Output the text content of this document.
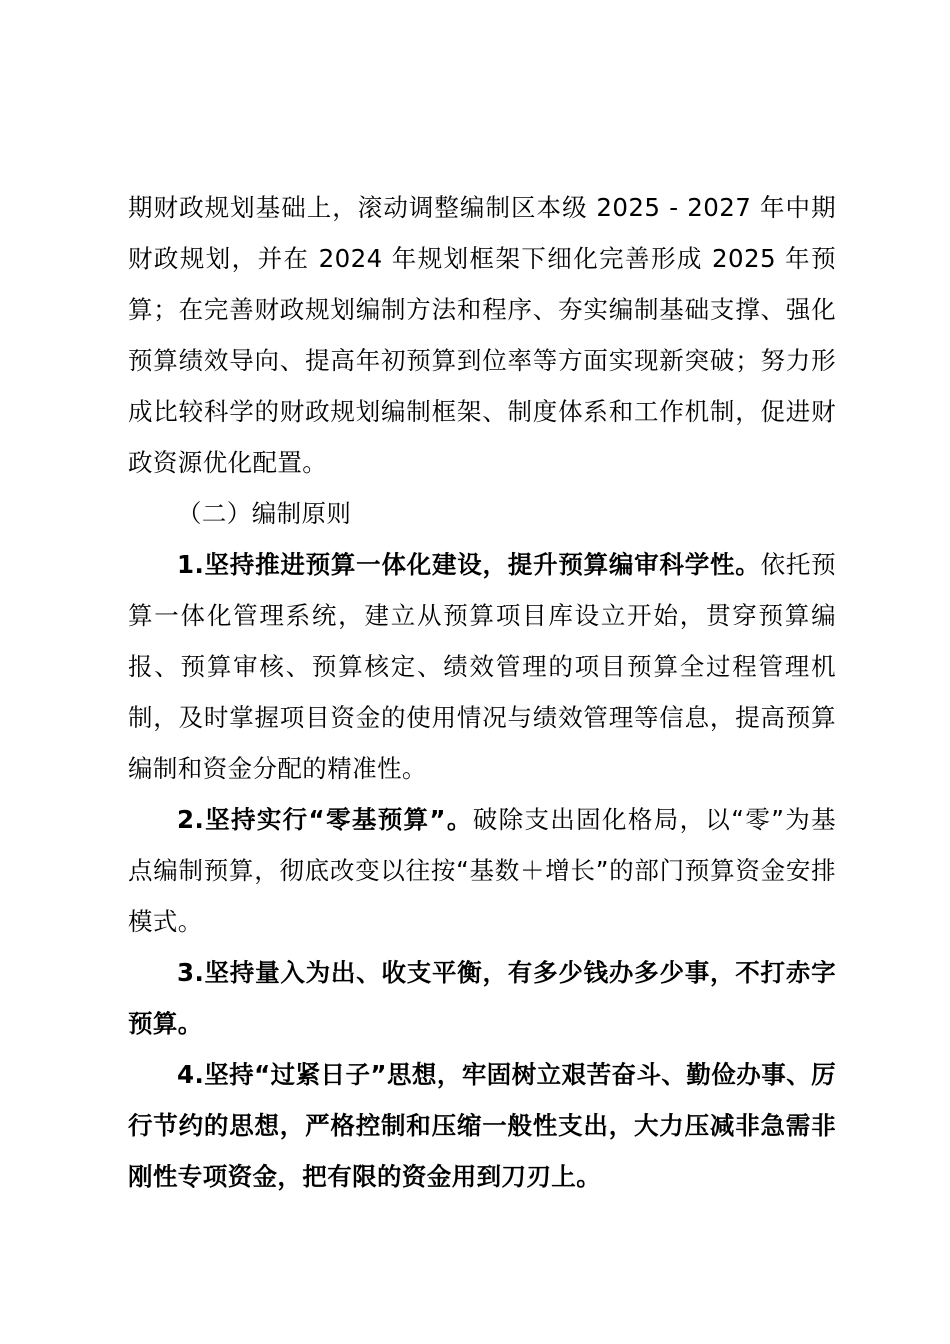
期财政规划基础上，滚动调整编制区本级 2025 - 2027 年中期财政规划，并在 2024 年规划框架下细化完善形成 2025 年预算；在完善财政规划编制方法和程序、夯实编制基础支撑、强化预算绩效导向、提高年初预算到位率等方面实现新突破；努力形成比较科学的财政规划编制框架、制度体系和工作机制，促进财政资源优化配置。

（二）编制原则

1.坚持推进预算一体化建设，提升预算编审科学性。依托预算一体化管理系统，建立从预算项目库设立开始，贯穿预算编报、预算审核、预算核定、绩效管理的项目预算全过程管理机制，及时掌握项目资金的使用情况与绩效管理等信息，提高预算编制和资金分配的精准性。

2.坚持实行“零基预算”。破除支出固化格局，以“零”为基点编制预算，彻底改变以往按“基数＋增长”的部门预算资金安排模式。

3.坚持量入为出、收支平衡，有多少钱办多少事，不打赤字预算。

4.坚持“过紧日子”思想，牢固树立艰苦奋斗、勤俭办事、厉行节约的思想，严格控制和压缩一般性支出，大力压减非急需非刚性专项资金，把有限的资金用到刀刃上。
